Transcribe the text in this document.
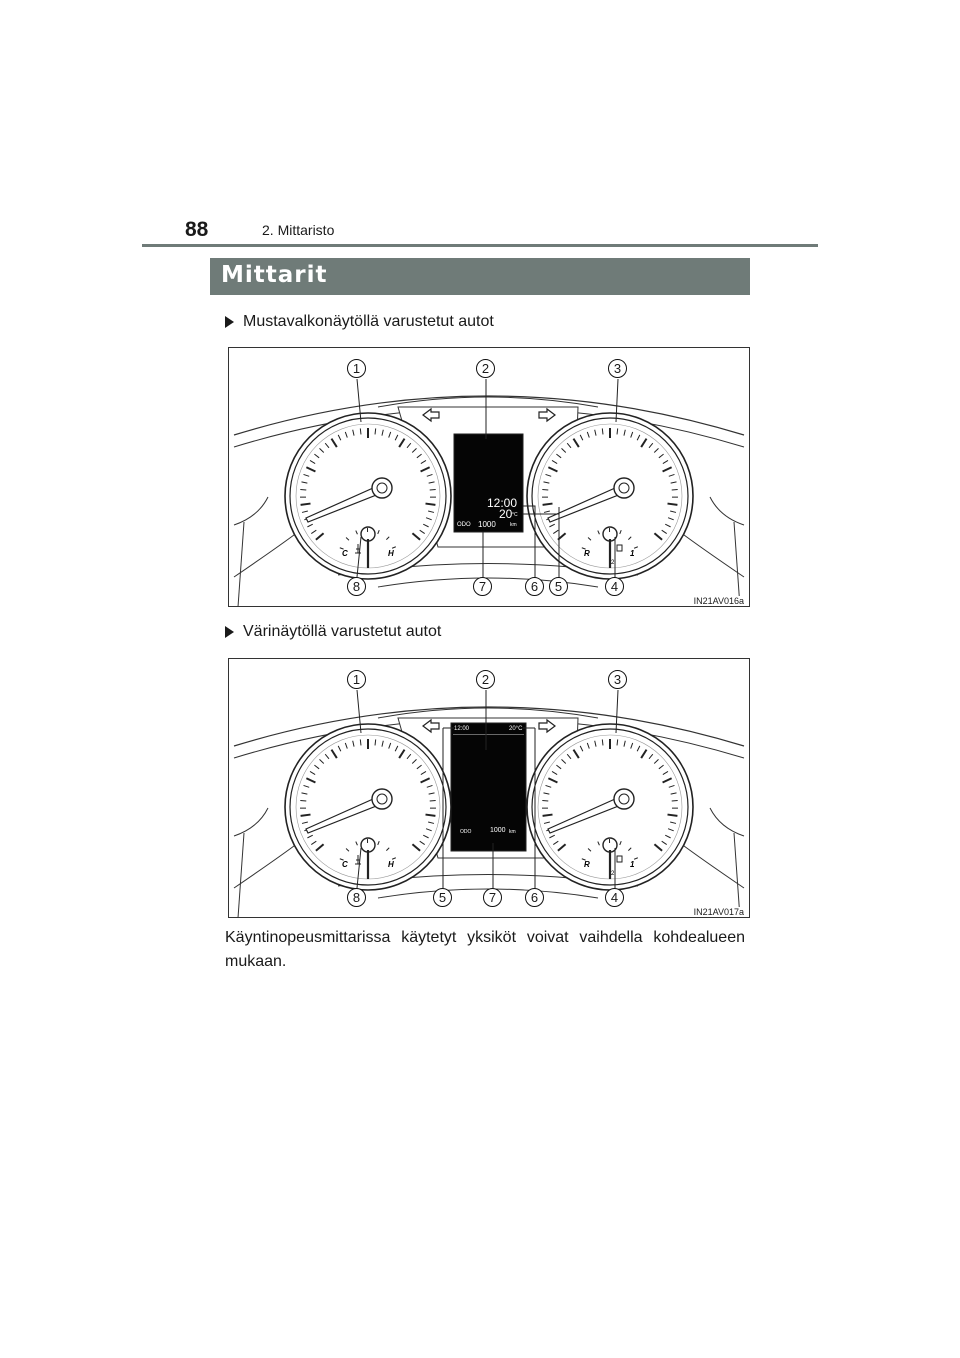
88	2. Mittaristo
Mittarit
Mustavalkonäytöllä varustetut autot
C	H	R	1
2
12:00
20 °C
ODO 1000	km
1	2	3
8	7	6	5	4
IN21AV016a
Värinäytöllä varustetut autot
C	H	R	1
2
12:00	20°C
ODO	1000 km
1	2	3
8	5	7	6	4
IN21AV017a
Käyntinopeusmittarissa käytetyt yksiköt voivat vaihdella kohdealueen mukaan.
